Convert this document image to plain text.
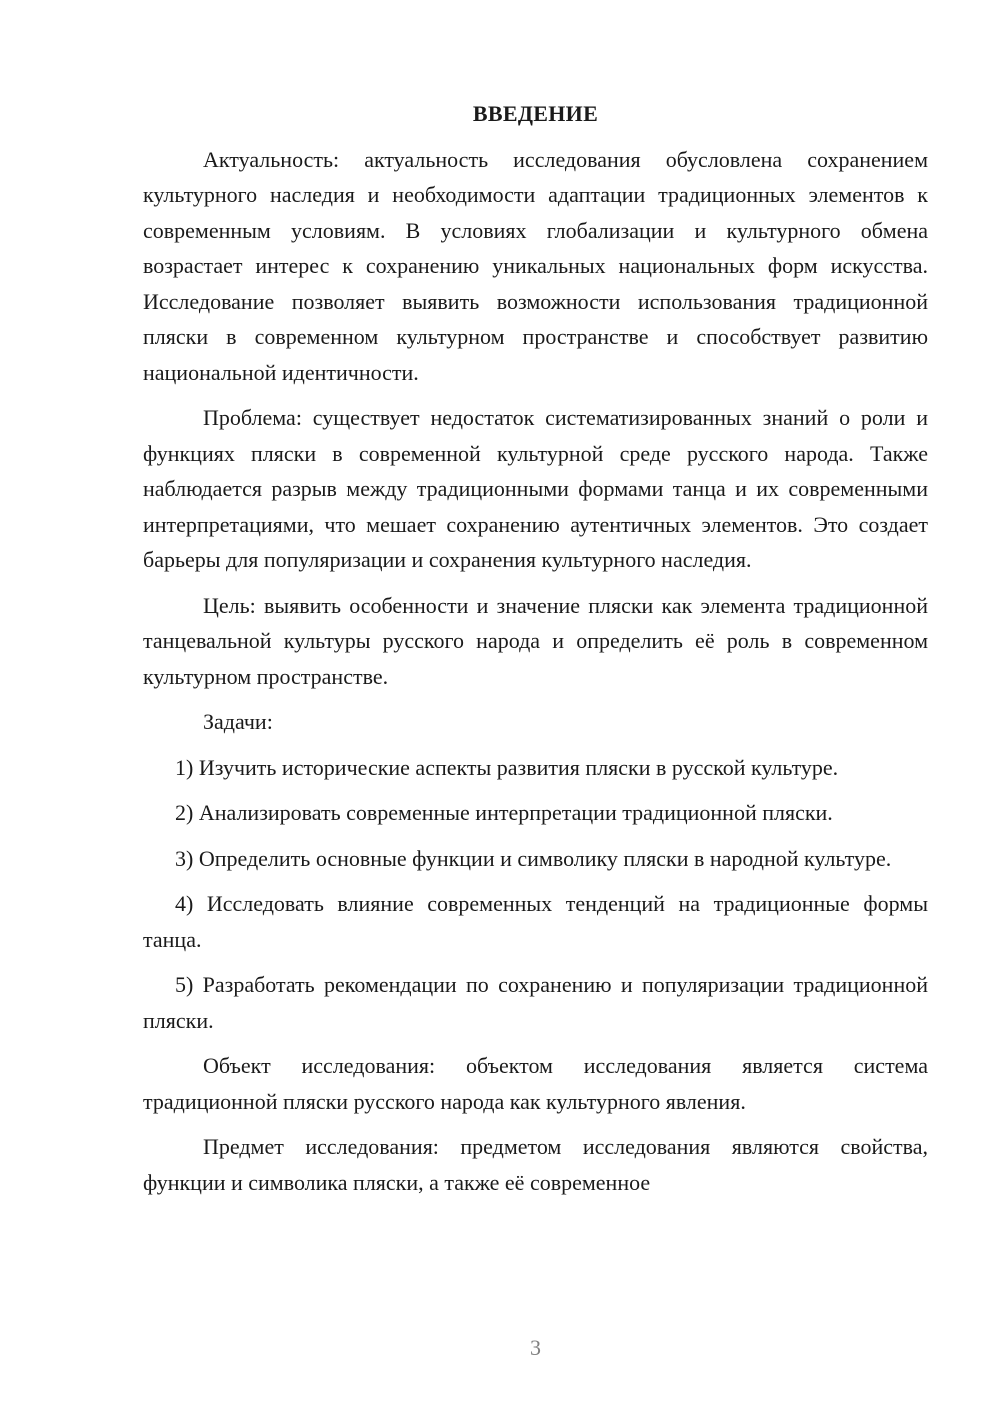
ВВЕДЕНИЕ

Актуальность: актуальность исследования обусловлена сохранением культурного наследия и необходимости адаптации традиционных элементов к современным условиям. В условиях глобализации и культурного обмена возрастает интерес к сохранению уникальных национальных форм искусства. Исследование позволяет выявить возможности использования традиционной пляски в современном культурном пространстве и способствует развитию национальной идентичности.

Проблема: существует недостаток систематизированных знаний о роли и функциях пляски в современной культурной среде русского народа. Также наблюдается разрыв между традиционными формами танца и их современными интерпретациями, что мешает сохранению аутентичных элементов. Это создает барьеры для популяризации и сохранения культурного наследия.

Цель: выявить особенности и значение пляски как элемента традиционной танцевальной культуры русского народа и определить её роль в современном культурном пространстве.

Задачи:

1) Изучить исторические аспекты развития пляски в русской культуре.

2) Анализировать современные интерпретации традиционной пляски.

3) Определить основные функции и символику пляски в народной культуре.

4) Исследовать влияние современных тенденций на традиционные формы танца.

5) Разработать рекомендации по сохранению и популяризации традиционной пляски.

Объект исследования: объектом исследования является система традиционной пляски русского народа как культурного явления.

Предмет исследования: предметом исследования являются свойства, функции и символика пляски, а также её современное

3
